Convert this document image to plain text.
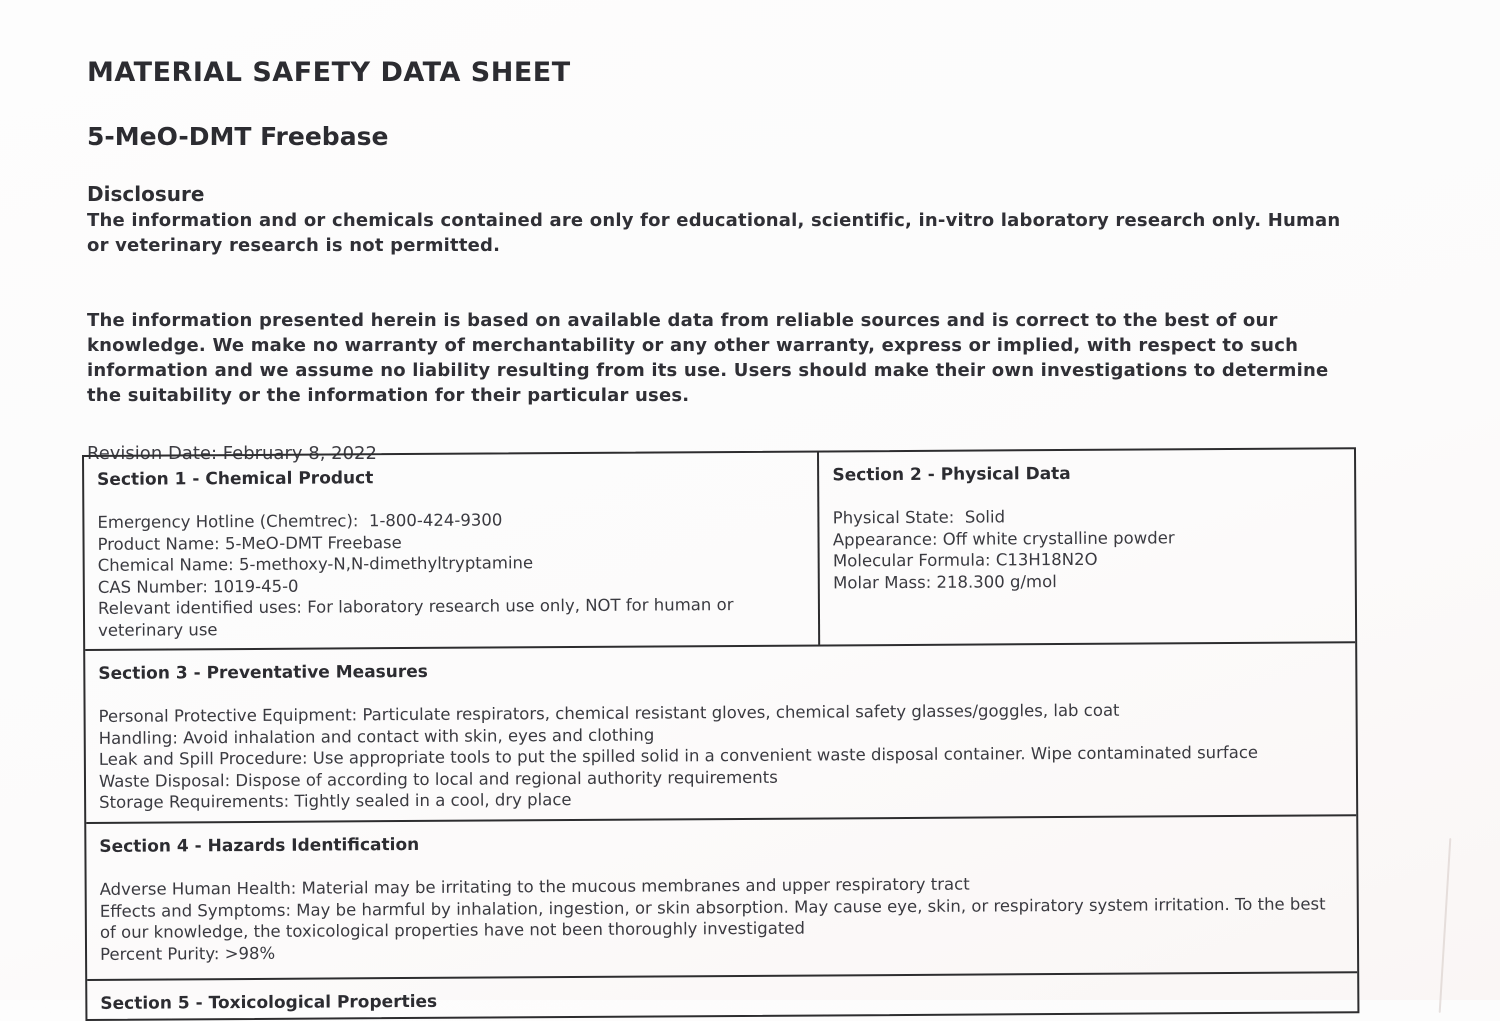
MATERIAL SAFETY DATA SHEET
5-MeO-DMT Freebase
Disclosure

The information and or chemicals contained are only for educational, scientific, in-vitro laboratory research only. Human or veterinary research is not permitted.

The information presented herein is based on available data from reliable sources and is correct to the best of our knowledge. We make no warranty of merchantability or any other warranty, express or implied, with respect to such information and we assume no liability resulting from its use. Users should make their own investigations to determine the suitability or the information for their particular uses.

Revision Date: February 8, 2022
Section 1 - Chemical Product
Emergency Hotline (Chemtrec):  1-800-424-9300
Product Name: 5-MeO-DMT Freebase
Chemical Name: 5-methoxy-N,N-dimethyltryptamine
CAS Number: 1019-45-0
Relevant identified uses: For laboratory research use only, NOT for human or veterinary use
Section 2 - Physical Data
Physical State:  Solid
Appearance: Off white crystalline powder
Molecular Formula: C13H18N2O
Molar Mass: 218.300 g/mol
Section 3 - Preventative Measures
Personal Protective Equipment: Particulate respirators, chemical resistant gloves, chemical safety glasses/goggles, lab coat
Handling: Avoid inhalation and contact with skin, eyes and clothing
Leak and Spill Procedure: Use appropriate tools to put the spilled solid in a convenient waste disposal container. Wipe contaminated surface
Waste Disposal: Dispose of according to local and regional authority requirements
Storage Requirements: Tightly sealed in a cool, dry place
Section 4 - Hazards Identification
Adverse Human Health: Material may be irritating to the mucous membranes and upper respiratory tract
Effects and Symptoms: May be harmful by inhalation, ingestion, or skin absorption. May cause eye, skin, or respiratory system irritation. To the best of our knowledge, the toxicological properties have not been thoroughly investigated
Percent Purity: >98%
Section 5 - Toxicological Properties
